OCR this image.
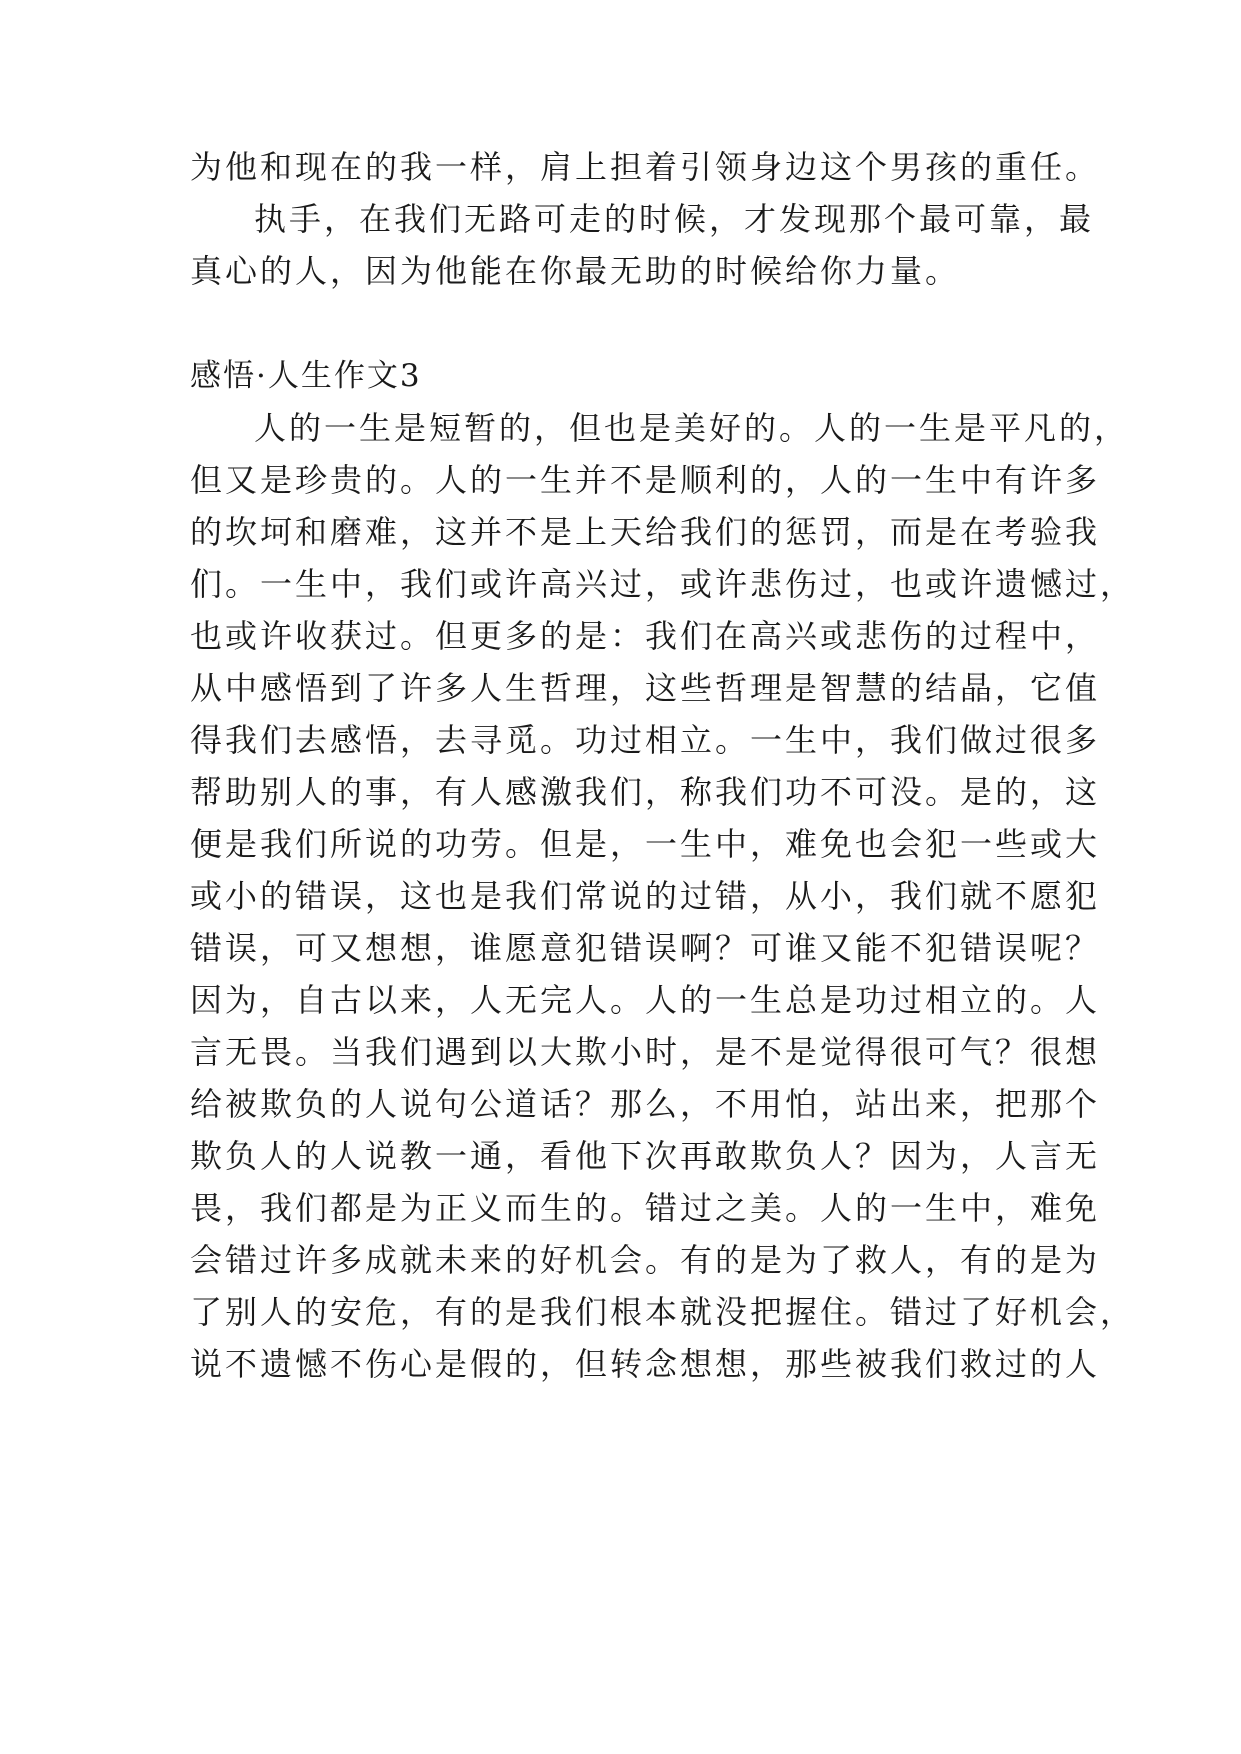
为他和现在的我一样，肩上担着引领身边这个男孩的重任。
执手，在我们无路可走的时候，才发现那个最可靠，最
真心的人，因为他能在你最无助的时候给你力量。
感悟·人生作文3
人的一生是短暂的，但也是美好的。人的一生是平凡的，
但又是珍贵的。人的一生并不是顺利的，人的一生中有许多
的坎坷和磨难，这并不是上天给我们的惩罚，而是在考验我
们。一生中，我们或许高兴过，或许悲伤过，也或许遗憾过，
也或许收获过。但更多的是：我们在高兴或悲伤的过程中，
从中感悟到了许多人生哲理，这些哲理是智慧的结晶，它值
得我们去感悟，去寻觅。功过相立。一生中，我们做过很多
帮助别人的事，有人感激我们，称我们功不可没。是的，这
便是我们所说的功劳。但是，一生中，难免也会犯一些或大
或小的错误，这也是我们常说的过错，从小，我们就不愿犯
错误，可又想想，谁愿意犯错误啊？可谁又能不犯错误呢？
因为，自古以来，人无完人。人的一生总是功过相立的。人
言无畏。当我们遇到以大欺小时，是不是觉得很可气？很想
给被欺负的人说句公道话？那么，不用怕，站出来，把那个
欺负人的人说教一通，看他下次再敢欺负人？因为，人言无
畏，我们都是为正义而生的。错过之美。人的一生中，难免
会错过许多成就未来的好机会。有的是为了救人，有的是为
了别人的安危，有的是我们根本就没把握住。错过了好机会，
说不遗憾不伤心是假的，但转念想想，那些被我们救过的人
